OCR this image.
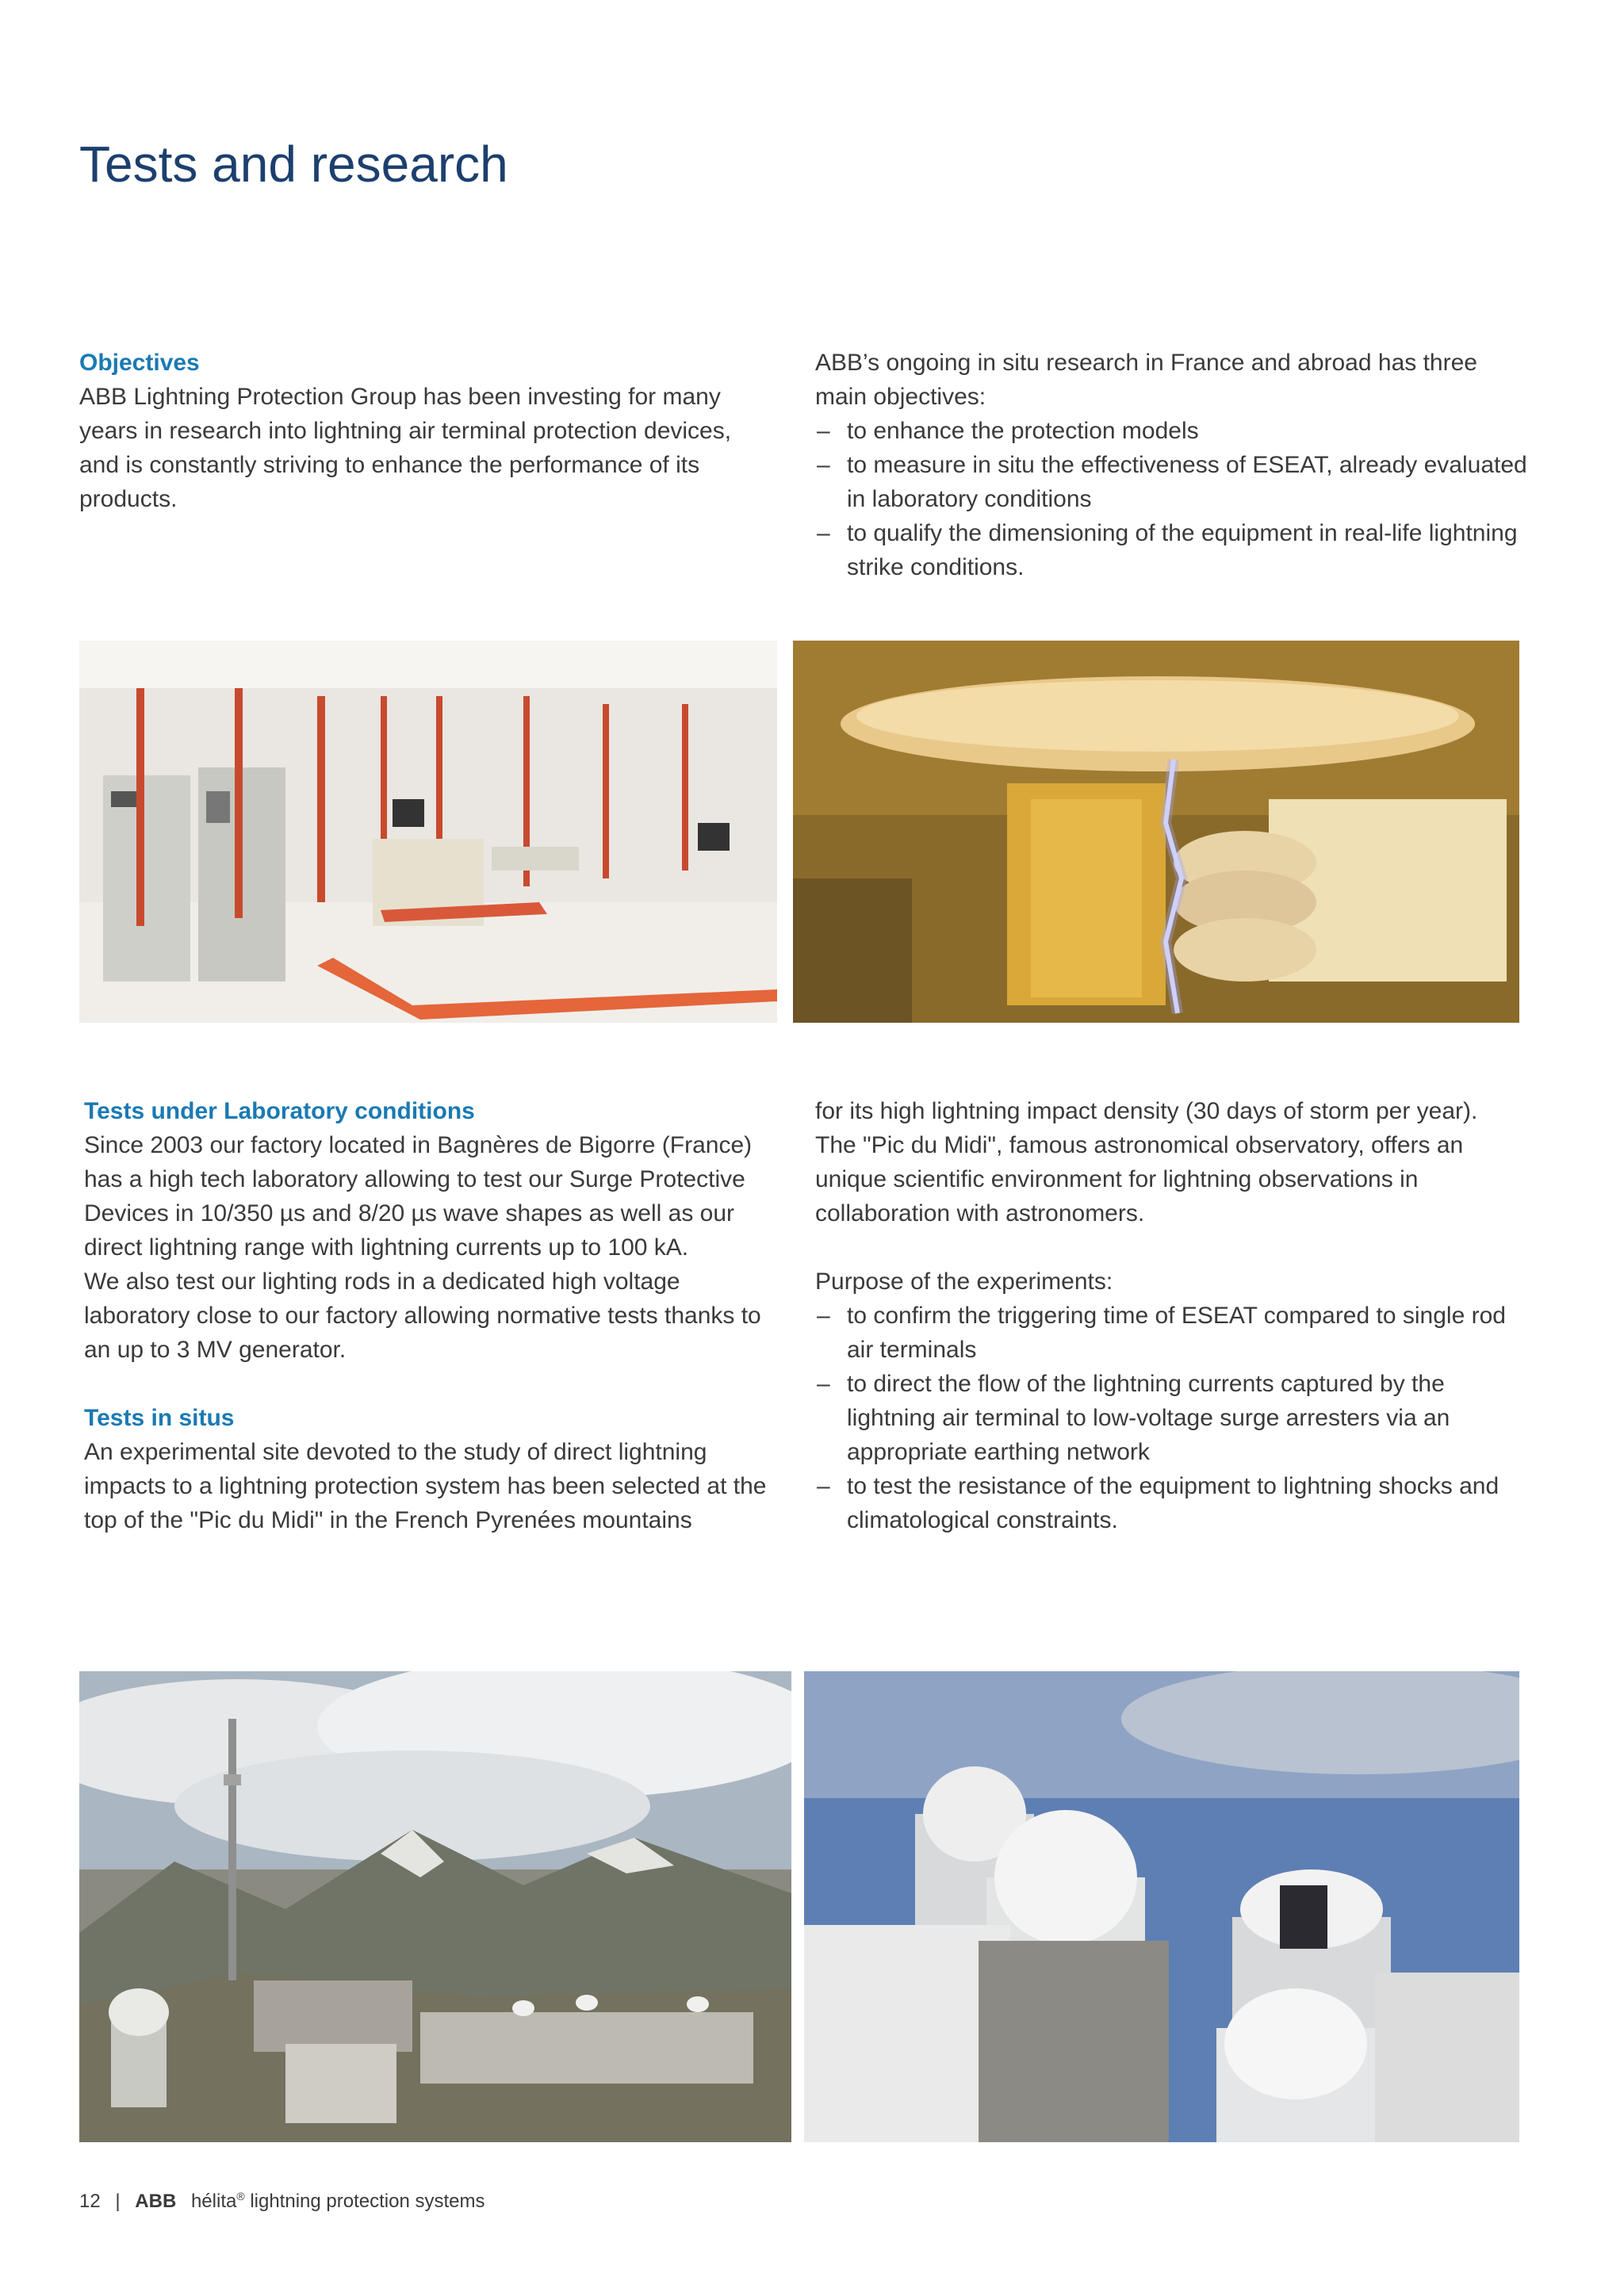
Tests and research
Objectives

ABB Lightning Protection Group has been investing for many years in research into lightning air terminal protection devices, and is constantly striving to enhance the performance of its products.

ABB’s ongoing in situ research in France and abroad has three main objectives:

– to enhance the protection models
– to measure in situ the effectiveness of ESEAT, already evaluated in laboratory conditions
– to qualify the dimensioning of the equipment in real-life lightning strike conditions.
Tests under Laboratory conditions

Since 2003 our factory located in Bagnères de Bigorre (France) has a high tech laboratory allowing to test our Surge Protective Devices in 10/350 µs and 8/20 µs wave shapes as well as our direct lightning range with lightning currents up to 100 kA.

We also test our lighting rods in a dedicated high voltage laboratory close to our factory allowing normative tests thanks to an up to 3 MV generator.

Tests in situs

An experimental site devoted to the study of direct lightning impacts to a lightning protection system has been selected at the top of the "Pic du Midi" in the French Pyrenées mountains

for its high lightning impact density (30 days of storm per year).

The "Pic du Midi", famous astronomical observatory, offers an unique scientific environment for lightning observations in collaboration with astronomers.

Purpose of the experiments:

– to confirm the triggering time of ESEAT compared to single rod air terminals
– to direct the flow of the lightning currents captured by the lightning air terminal to low-voltage surge arresters via an appropriate earthing network
– to test the resistance of the equipment to lightning shocks and climatological constraints.
12 | ABB hélita® lightning protection systems
